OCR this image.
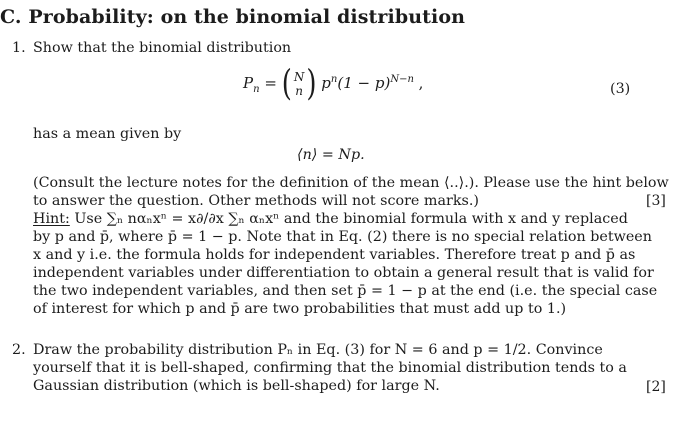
C. Probability: on the binomial distribution
1. Show that the binomial distribution
$P_n$ = ( N
n ) $p^n(1 - p)^{N-n}$ ,	(3)
has a mean given by
⟨n⟩ = Np.
(Consult the lecture notes for the definition of the mean ⟨..⟩.). Please use the hint below
to answer the question. Other methods will not score marks.)
Hint: Use ∑ₙ nαₙxⁿ = x∂/∂x ∑ₙ αₙxⁿ and the binomial formula with x and y replaced
by p and p̄, where p̄ = 1 − p. Note that in Eq. (2) there is no special relation between
x and y i.e. the formula holds for independent variables. Therefore treat p and p̄ as
independent variables under differentiation to obtain a general result that is valid for
the two independent variables, and then set p̄ = 1 − p at the end (i.e. the special case
of interest for which p and p̄ are two probabilities that must add up to 1.)
[3]
2. Draw the probability distribution Pₙ in Eq. (3) for N = 6 and p = 1/2. Convince
yourself that it is bell-shaped, confirming that the binomial distribution tends to a
Gaussian distribution (which is bell-shaped) for large N.	[2]
